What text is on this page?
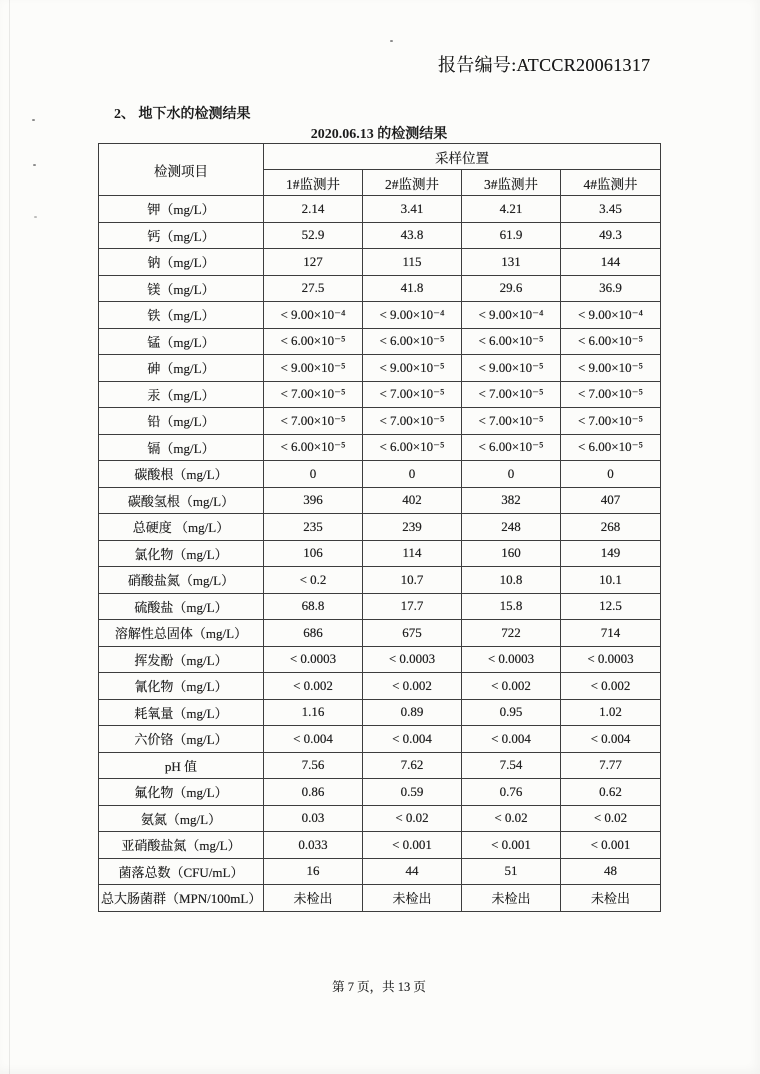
报告编号:ATCCR20061317
2、 地下水的检测结果
2020.06.13 的检测结果
检测项目	采样位置			
	1#监测井	2#监测井	3#监测井	4#监测井
钾（mg/L）	2.14	3.41	4.21	3.45
钙（mg/L）	52.9	43.8	61.9	49.3
钠（mg/L）	127	115	131	144
镁（mg/L）	27.5	41.8	29.6	36.9
铁（mg/L）	< 9.00×10⁻⁴	< 9.00×10⁻⁴	< 9.00×10⁻⁴	< 9.00×10⁻⁴
锰（mg/L）	< 6.00×10⁻⁵	< 6.00×10⁻⁵	< 6.00×10⁻⁵	< 6.00×10⁻⁵
砷（mg/L）	< 9.00×10⁻⁵	< 9.00×10⁻⁵	< 9.00×10⁻⁵	< 9.00×10⁻⁵
汞（mg/L）	< 7.00×10⁻⁵	< 7.00×10⁻⁵	< 7.00×10⁻⁵	< 7.00×10⁻⁵
铅（mg/L）	< 7.00×10⁻⁵	< 7.00×10⁻⁵	< 7.00×10⁻⁵	< 7.00×10⁻⁵
镉（mg/L）	< 6.00×10⁻⁵	< 6.00×10⁻⁵	< 6.00×10⁻⁵	< 6.00×10⁻⁵
碳酸根（mg/L）	0	0	0	0
碳酸氢根（mg/L）	396	402	382	407
总硬度 （mg/L）	235	239	248	268
氯化物（mg/L）	106	114	160	149
硝酸盐氮（mg/L）	< 0.2	10.7	10.8	10.1
硫酸盐（mg/L）	68.8	17.7	15.8	12.5
溶解性总固体（mg/L）	686	675	722	714
挥发酚（mg/L）	< 0.0003	< 0.0003	< 0.0003	< 0.0003
氰化物（mg/L）	< 0.002	< 0.002	< 0.002	< 0.002
耗氧量（mg/L）	1.16	0.89	0.95	1.02
六价铬（mg/L）	< 0.004	< 0.004	< 0.004	< 0.004
pH 值	7.56	7.62	7.54	7.77
氟化物（mg/L）	0.86	0.59	0.76	0.62
氨氮（mg/L）	0.03	< 0.02	< 0.02	< 0.02
亚硝酸盐氮（mg/L）	0.033	< 0.001	< 0.001	< 0.001
菌落总数（CFU/mL）	16	44	51	48
总大肠菌群（MPN/100mL）	未检出	未检出	未检出	未检出
第 7 页，共 13 页
